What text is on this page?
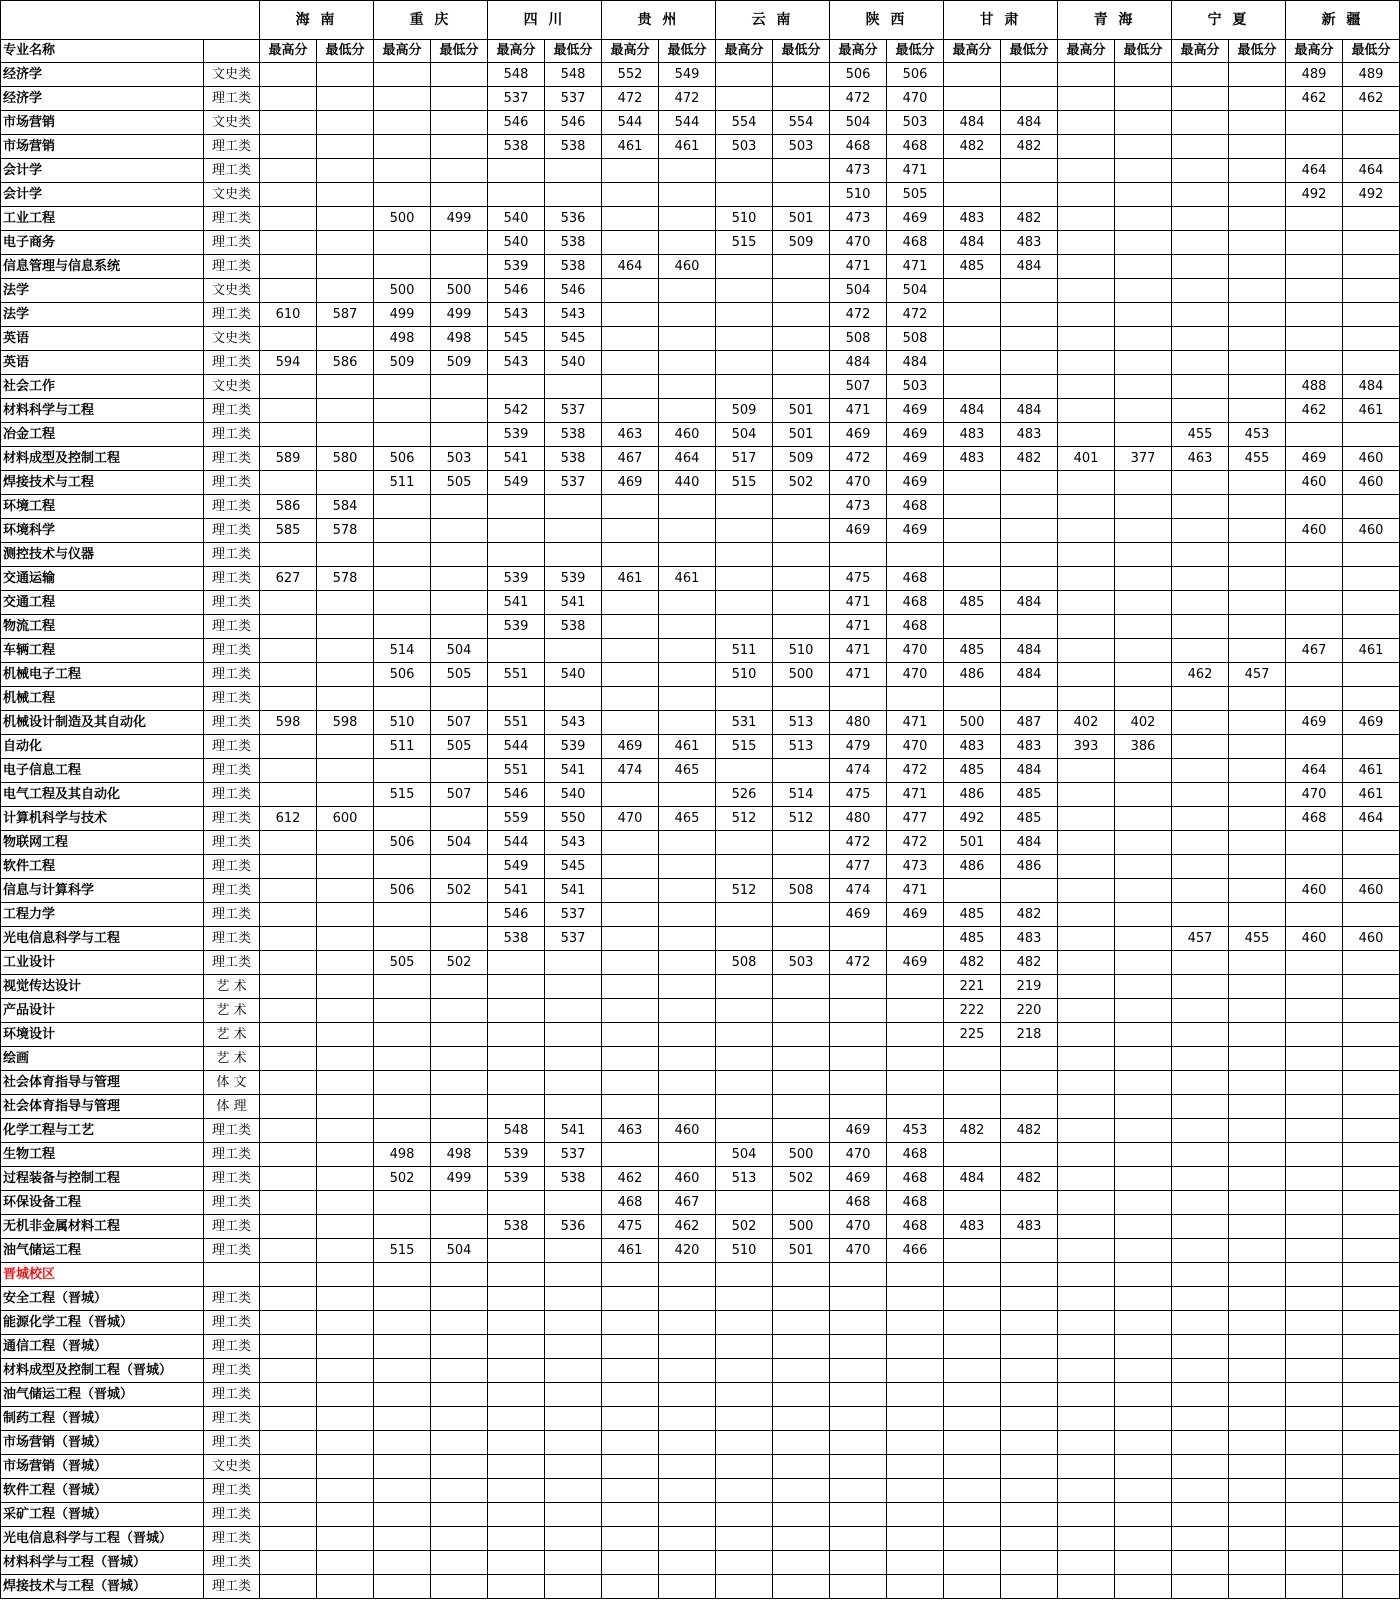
		海 南		重 庆		四 川		贵 州		云 南		陕 西		甘 肃		青 海		宁 夏		新 疆	
专业名称		最高分	最低分	最高分	最低分	最高分	最低分	最高分	最低分	最高分	最低分	最高分	最低分	最高分	最低分	最高分	最低分	最高分	最低分	最高分	最低分
经济学	文史类					548	548	552	549			506	506							489	489
经济学	理工类					537	537	472	472			472	470							462	462
市场营销	文史类					546	546	544	544	554	554	504	503	484	484						
市场营销	理工类					538	538	461	461	503	503	468	468	482	482						
会计学	理工类											473	471							464	464
会计学	文史类											510	505							492	492
工业工程	理工类			500	499	540	536			510	501	473	469	483	482						
电子商务	理工类					540	538			515	509	470	468	484	483						
信息管理与信息系统	理工类					539	538	464	460			471	471	485	484						
法学	文史类			500	500	546	546					504	504								
法学	理工类	610	587	499	499	543	543					472	472								
英语	文史类			498	498	545	545					508	508								
英语	理工类	594	586	509	509	543	540					484	484								
社会工作	文史类											507	503							488	484
材料科学与工程	理工类					542	537			509	501	471	469	484	484					462	461
冶金工程	理工类					539	538	463	460	504	501	469	469	483	483			455	453		
材料成型及控制工程	理工类	589	580	506	503	541	538	467	464	517	509	472	469	483	482	401	377	463	455	469	460
焊接技术与工程	理工类			511	505	549	537	469	440	515	502	470	469							460	460
环境工程	理工类	586	584									473	468								
环境科学	理工类	585	578									469	469							460	460
测控技术与仪器	理工类																				
交通运输	理工类	627	578			539	539	461	461			475	468								
交通工程	理工类					541	541					471	468	485	484						
物流工程	理工类					539	538					471	468								
车辆工程	理工类			514	504					511	510	471	470	485	484					467	461
机械电子工程	理工类			506	505	551	540			510	500	471	470	486	484			462	457		
机械工程	理工类																				
机械设计制造及其自动化	理工类	598	598	510	507	551	543			531	513	480	471	500	487	402	402			469	469
自动化	理工类			511	505	544	539	469	461	515	513	479	470	483	483	393	386				
电子信息工程	理工类					551	541	474	465			474	472	485	484					464	461
电气工程及其自动化	理工类			515	507	546	540			526	514	475	471	486	485					470	461
计算机科学与技术	理工类	612	600			559	550	470	465	512	512	480	477	492	485					468	464
物联网工程	理工类			506	504	544	543					472	472	501	484						
软件工程	理工类					549	545					477	473	486	486						
信息与计算科学	理工类			506	502	541	541			512	508	474	471							460	460
工程力学	理工类					546	537					469	469	485	482						
光电信息科学与工程	理工类					538	537							485	483			457	455	460	460
工业设计	理工类			505	502					508	503	472	469	482	482						
视觉传达设计	艺 术													221	219						
产品设计	艺 术													222	220						
环境设计	艺 术													225	218						
绘画	艺 术																				
社会体育指导与管理	体 文																				
社会体育指导与管理	体 理																				
化学工程与工艺	理工类					548	541	463	460			469	453	482	482						
生物工程	理工类			498	498	539	537			504	500	470	468								
过程装备与控制工程	理工类			502	499	539	538	462	460	513	502	469	468	484	482						
环保设备工程	理工类							468	467			468	468								
无机非金属材料工程	理工类					538	536	475	462	502	500	470	468	483	483						
油气储运工程	理工类			515	504			461	420	510	501	470	466								
晋城校区																					
安全工程（晋城）	理工类																				
能源化学工程（晋城）	理工类																				
通信工程（晋城）	理工类																				
材料成型及控制工程（晋城）	理工类																				
油气储运工程（晋城）	理工类																				
制药工程（晋城）	理工类																				
市场营销（晋城）	理工类																				
市场营销（晋城）	文史类																				
软件工程（晋城）	理工类																				
采矿工程（晋城）	理工类																				
光电信息科学与工程（晋城）	理工类																				
材料科学与工程（晋城）	理工类																				
焊接技术与工程（晋城）	理工类																				
